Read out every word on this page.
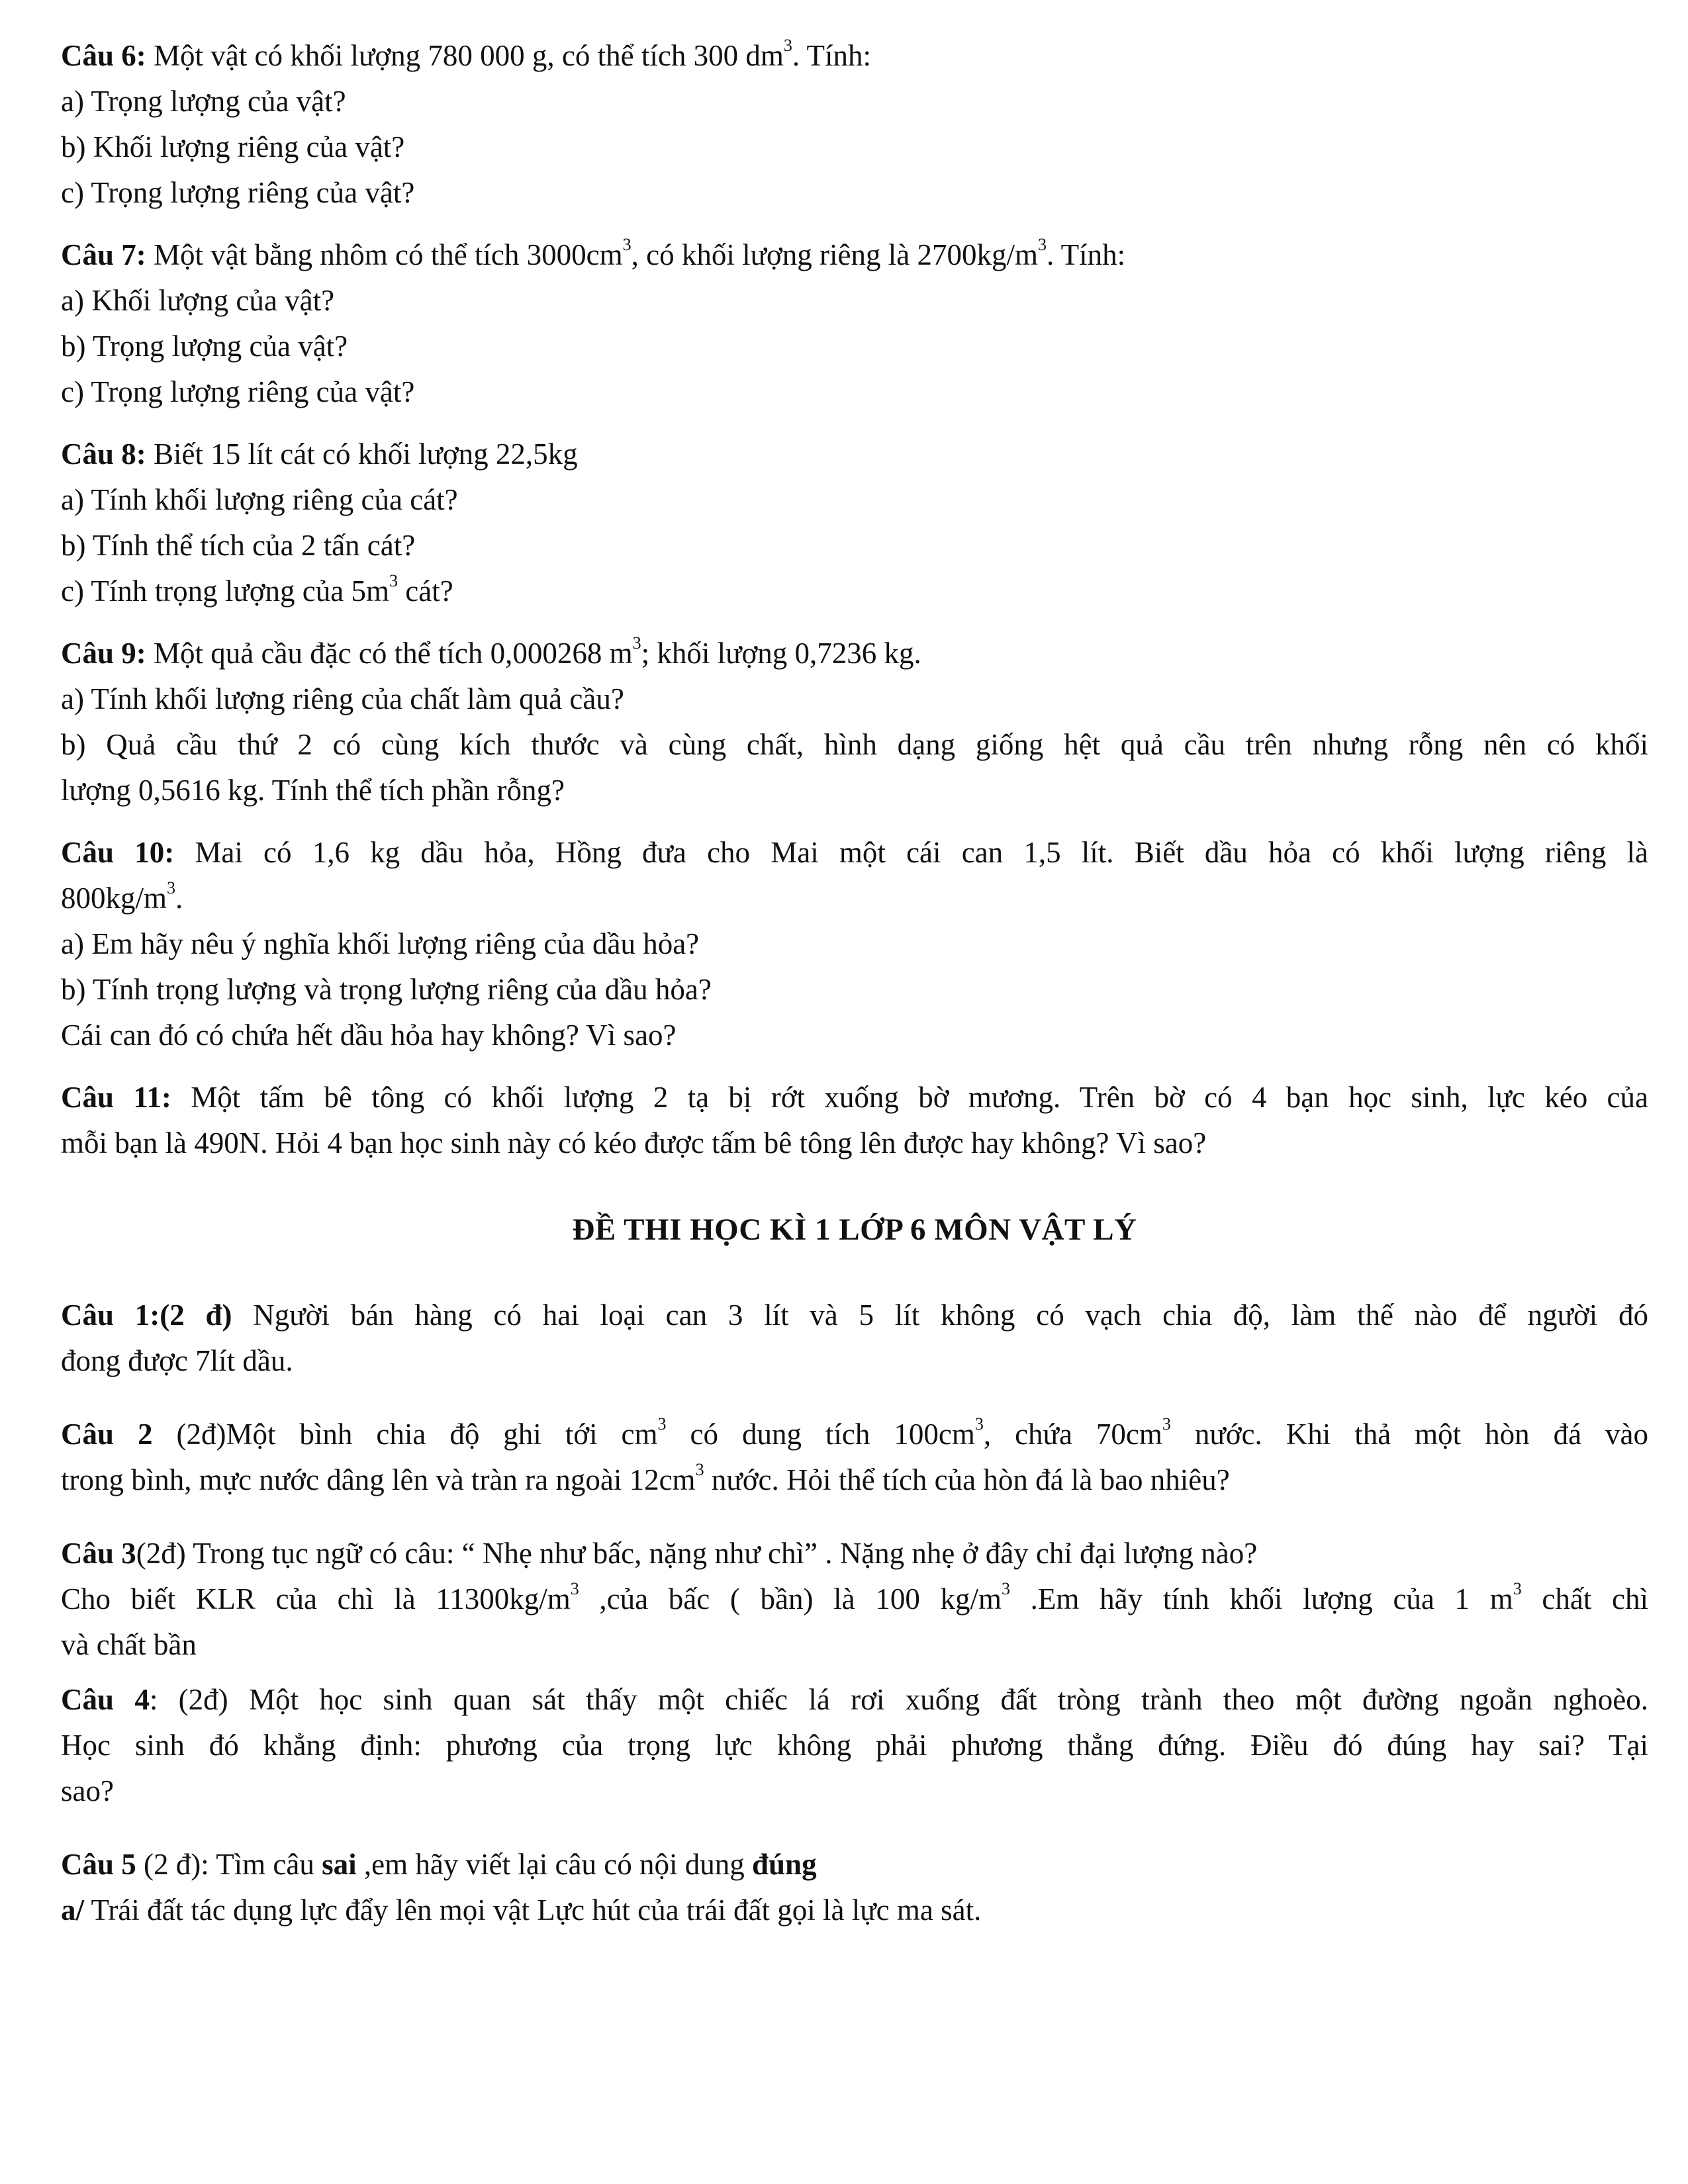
Câu 6: Một vật có khối lượng 780 000 g, có thể tích 300 $dm^3$. Tính:

a) Trọng lượng của vật?

b) Khối lượng riêng của vật?

c) Trọng lượng riêng của vật?

Câu 7: Một vật bằng nhôm có thể tích $3000cm^3$, có khối lượng riêng là $2700kg/m^3$. Tính:

a) Khối lượng của vật?

b) Trọng lượng của vật?

c) Trọng lượng riêng của vật?

Câu 8: Biết 15 lít cát có khối lượng 22,5kg

a) Tính khối lượng riêng của cát?

b) Tính thể tích của 2 tấn cát?

c) Tính trọng lượng của $5m^3$ cát?

Câu 9: Một quả cầu đặc có thể tích 0,000268 $m^3$; khối lượng 0,7236 kg.

a) Tính khối lượng riêng của chất làm quả cầu?

b) Quả cầu thứ 2 có cùng kích thước và cùng chất, hình dạng giống hệt quả cầu trên nhưng rỗng nên có khối

lượng 0,5616 kg. Tính thể tích phần rỗng?

Câu 10: Mai có 1,6 kg dầu hỏa, Hồng đưa cho Mai một cái can 1,5 lít. Biết dầu hỏa có khối lượng riêng là

$800kg/m^3$.

a) Em hãy nêu ý nghĩa khối lượng riêng của dầu hỏa?

b) Tính trọng lượng và trọng lượng riêng của dầu hỏa?

Cái can đó có chứa hết dầu hỏa hay không? Vì sao?

Câu 11: Một tấm bê tông có khối lượng 2 tạ bị rớt xuống bờ mương. Trên bờ có 4 bạn học sinh, lực kéo của

mỗi bạn là 490N. Hỏi 4 bạn học sinh này có kéo được tấm bê tông lên được hay không? Vì sao?

ĐỀ THI HỌC KÌ 1 LỚP 6 MÔN VẬT LÝ

Câu 1:(2 đ) Người bán hàng có hai loại can 3 lít và 5 lít không có vạch chia độ, làm thế nào để người đó

đong được 7lít dầu.

Câu 2 (2đ)Một bình chia độ ghi tới $cm^3$ có dung tích $100cm^3$, chứa $70cm^3$ nước. Khi thả một hòn đá vào

trong bình, mực nước dâng lên và tràn ra ngoài $12cm^3$ nước. Hỏi thể tích của hòn đá là bao nhiêu?

Câu 3(2đ) Trong tục ngữ có câu: “ Nhẹ như bấc, nặng như chì” . Nặng nhẹ ở đây chỉ đại lượng nào?

Cho biết KLR của chì là $11300kg/m^3$ ,của bấc ( bần) là 100 $kg/m^3$ .Em hãy tính khối lượng của 1 $m^3$ chất chì

và chất bần

Câu 4: (2đ) Một học sinh quan sát thấy một chiếc lá rơi xuống đất tròng trành theo một đường ngoằn nghoèo.

Học sinh đó khẳng định: phương của trọng lực không phải phương thẳng đứng. Điều đó đúng hay sai? Tại

sao?

Câu 5 (2 đ): Tìm câu sai ,em hãy viết lại câu có nội dung đúng

a/ Trái đất tác dụng lực đẩy lên mọi vật Lực hút của trái đất gọi là lực ma sát.
